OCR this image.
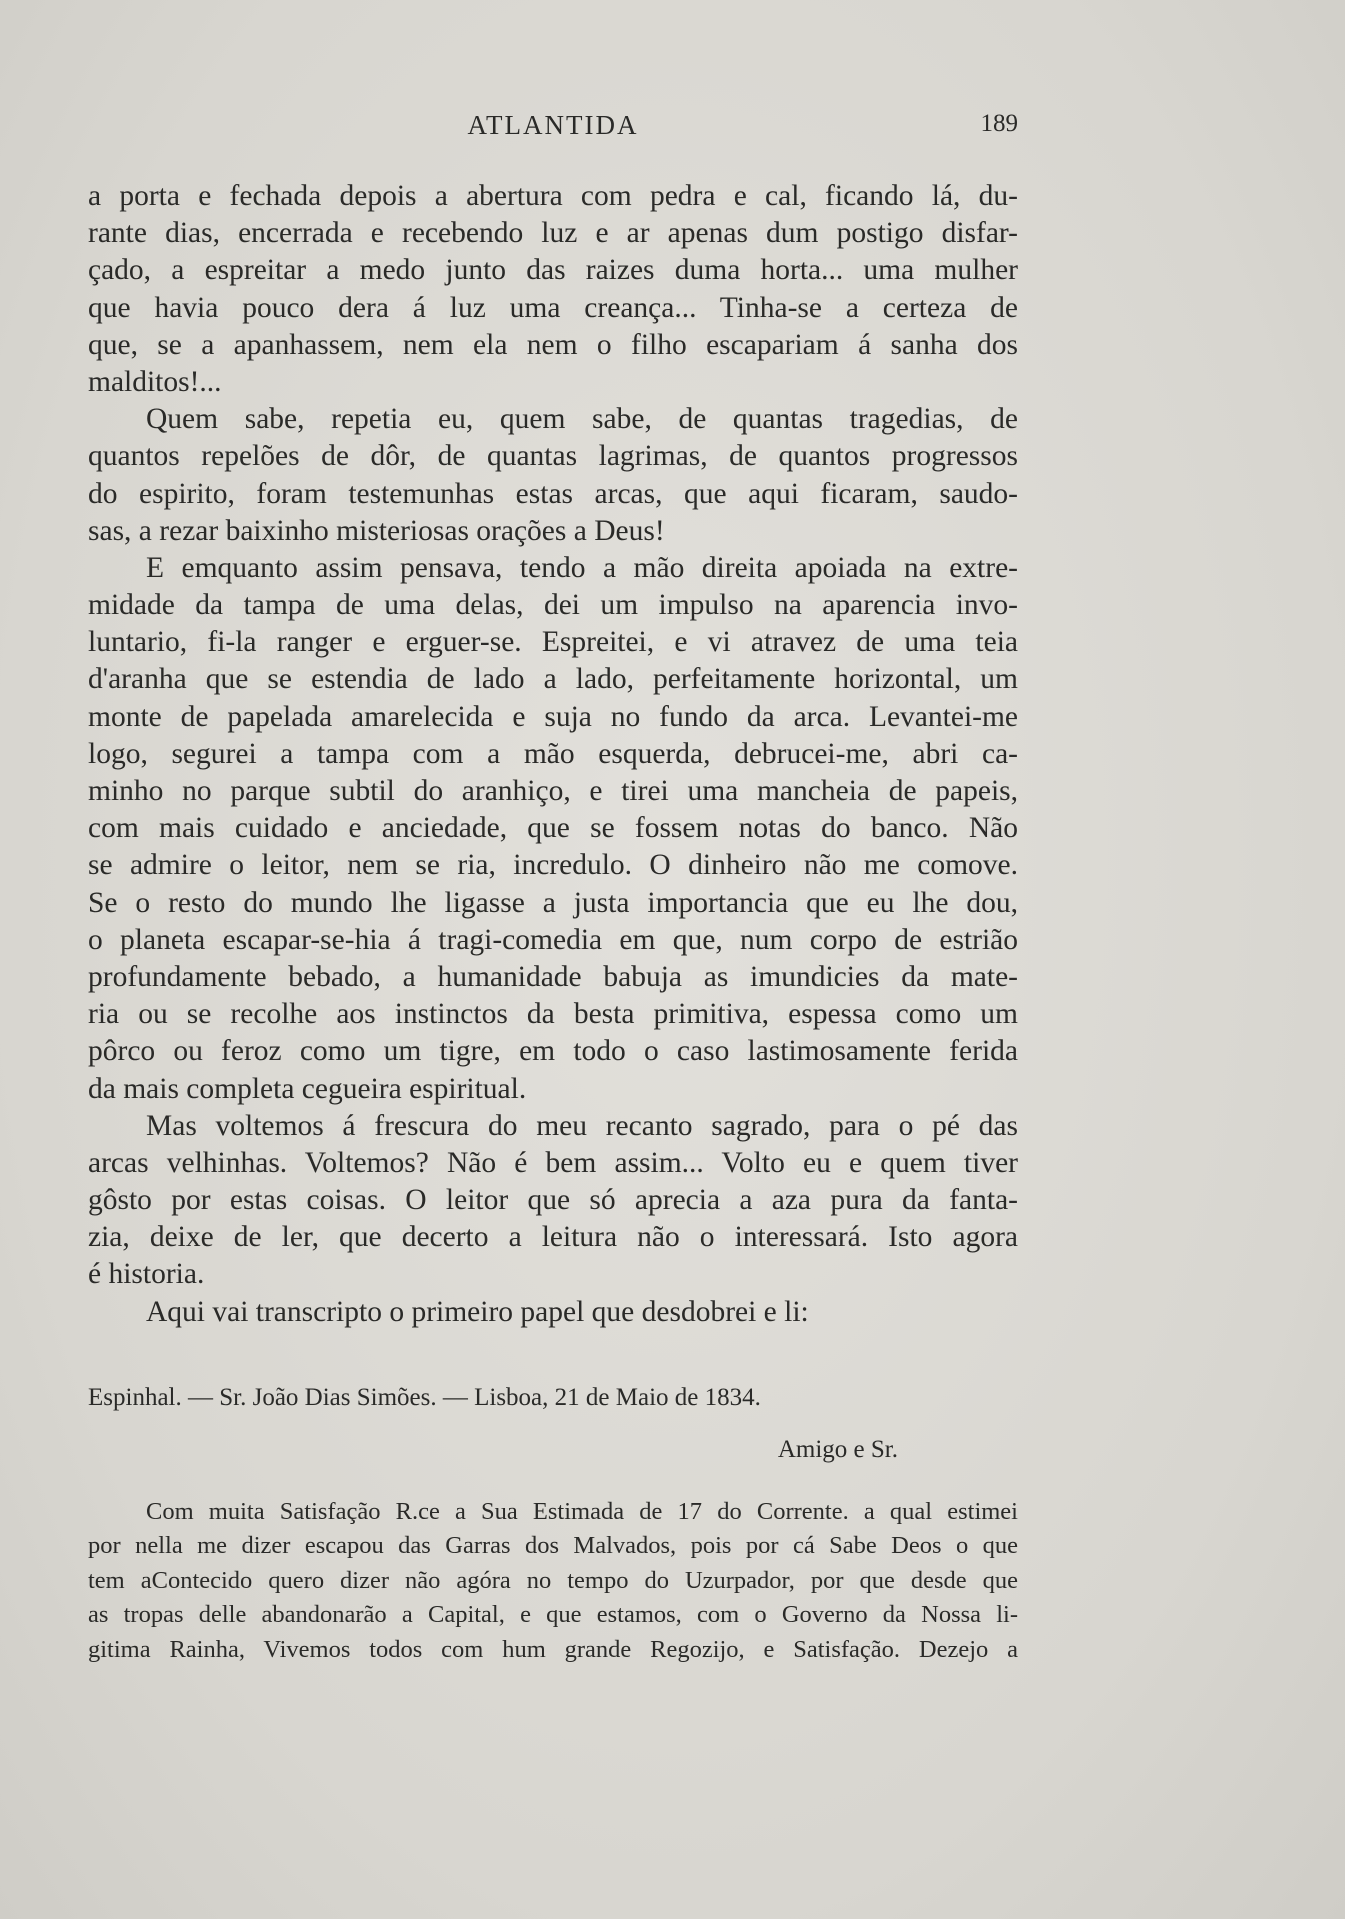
ATLANTIDA	189
a porta e fechada depois a abertura com pedra e cal, ficando lá, du-
rante dias, encerrada e recebendo luz e ar apenas dum postigo disfar-
çado, a espreitar a medo junto das raizes duma horta... uma mulher
que havia pouco dera á luz uma creança... Tinha-se a certeza de
que, se a apanhassem, nem ela nem o filho escapariam á sanha dos
malditos!...
Quem sabe, repetia eu, quem sabe, de quantas tragedias, de
quantos repelões de dôr, de quantas lagrimas, de quantos progressos
do espirito, foram testemunhas estas arcas, que aqui ficaram, saudo-
sas, a rezar baixinho misteriosas orações a Deus!
E emquanto assim pensava, tendo a mão direita apoiada na extre-
midade da tampa de uma delas, dei um impulso na aparencia invo-
luntario, fi-la ranger e erguer-se. Espreitei, e vi atravez de uma teia
d'aranha que se estendia de lado a lado, perfeitamente horizontal, um
monte de papelada amarelecida e suja no fundo da arca. Levantei-me
logo, segurei a tampa com a mão esquerda, debrucei-me, abri ca-
minho no parque subtil do aranhiço, e tirei uma mancheia de papeis,
com mais cuidado e anciedade, que se fossem notas do banco. Não
se admire o leitor, nem se ria, incredulo. O dinheiro não me comove.
Se o resto do mundo lhe ligasse a justa importancia que eu lhe dou,
o planeta escapar-se-hia á tragi-comedia em que, num corpo de estrião
profundamente bebado, a humanidade babuja as imundicies da mate-
ria ou se recolhe aos instinctos da besta primitiva, espessa como um
pôrco ou feroz como um tigre, em todo o caso lastimosamente ferida
da mais completa cegueira espiritual.
Mas voltemos á frescura do meu recanto sagrado, para o pé das
arcas velhinhas. Voltemos? Não é bem assim... Volto eu e quem tiver
gôsto por estas coisas. O leitor que só aprecia a aza pura da fanta-
zia, deixe de ler, que decerto a leitura não o interessará. Isto agora
é historia.
Aqui vai transcripto o primeiro papel que desdobrei e li:
Espinhal. — Sr. João Dias Simões. — Lisboa, 21 de Maio de 1834.
Amigo e Sr.
Com muita Satisfação R.ce a Sua Estimada de 17 do Corrente. a qual estimei
por nella me dizer escapou das Garras dos Malvados, pois por cá Sabe Deos o que
tem aContecido quero dizer não agóra no tempo do Uzurpador, por que desde que
as tropas delle abandonarão a Capital, e que estamos, com o Governo da Nossa li-
gitima Rainha, Vivemos todos com hum grande Regozijo, e Satisfação. Dezejo a
